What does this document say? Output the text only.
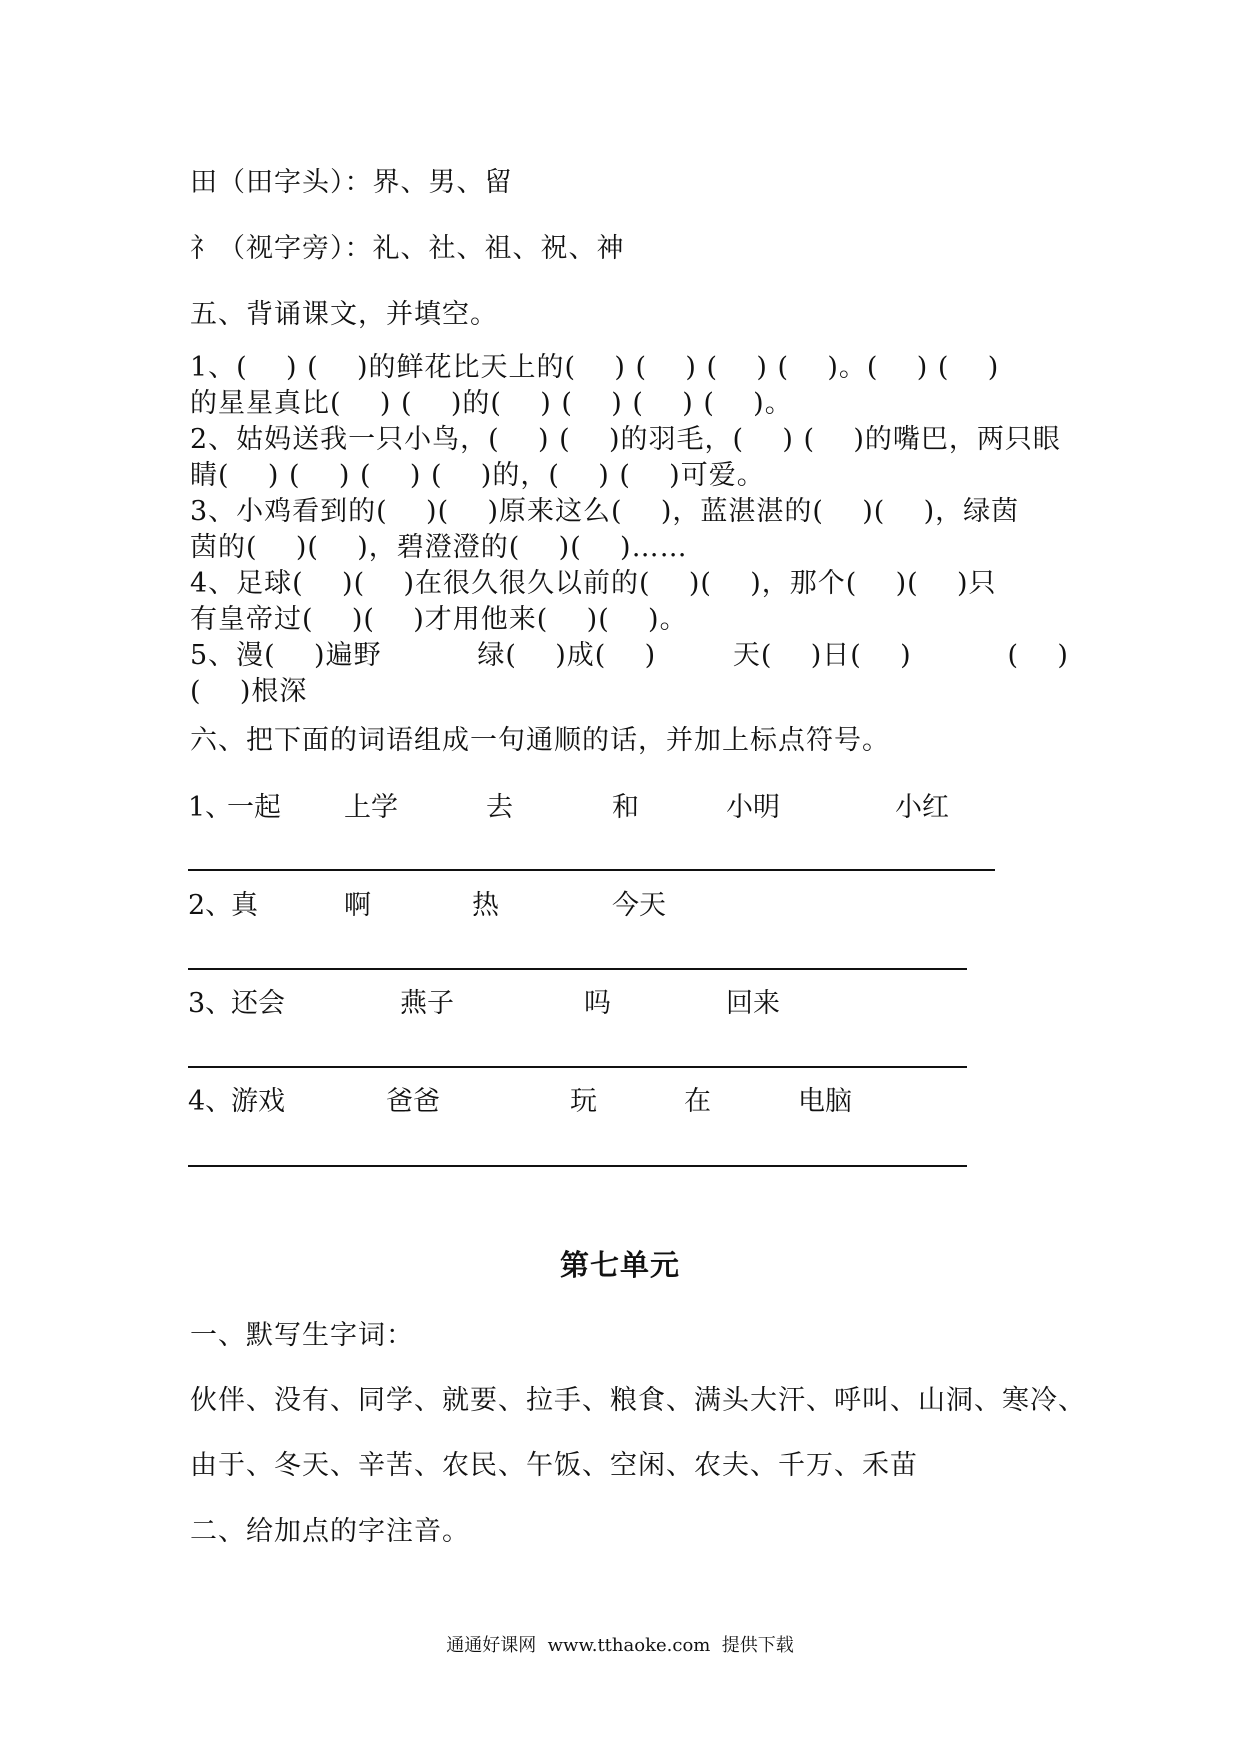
田（田字头）：界、男、留
礻（视字旁）：礼、社、祖、祝、神
五、背诵课文，并填空。
1、(    ) (    )的鲜花比天上的(    ) (    ) (    ) (    )。(    ) (    )
的星星真比(    ) (    )的(    ) (    ) (    ) (    )。
2、姑妈送我一只小鸟，(    ) (    )的羽毛，(    ) (    )的嘴巴，两只眼
睛(    ) (    ) (    ) (    )的，(    ) (    )可爱。
3、小鸡看到的(    )(    )原来这么(    )，蓝湛湛的(    )(    )，绿茵
茵的(    )(    )，碧澄澄的(    )(    )……
4、足球(    )(    )在很久很久以前的(    )(    )，那个(    )(    )只
有皇帝过(    )(    )才用他来(    )(    )。
5、漫(    )遍野          绿(    )成(    )        天(    )日(    )          (    )
(    )根深
六、把下面的词语组成一句通顺的话，并加上标点符号。
1、
一起 上学	去	和	小明	小红
2、
真	啊	热	今天
3、
还会	燕子	吗	回来
4、
游戏	爸爸	玩	在	电脑
第七单元
一、默写生字词：
伙伴、没有、同学、就要、拉手、粮食、满头大汗、呼叫、山洞、寒冷、
由于、冬天、辛苦、农民、午饭、空闲、农夫、千万、禾苗
二、给加点的字注音。
通通好课网  www.tthaoke.com  提供下载
